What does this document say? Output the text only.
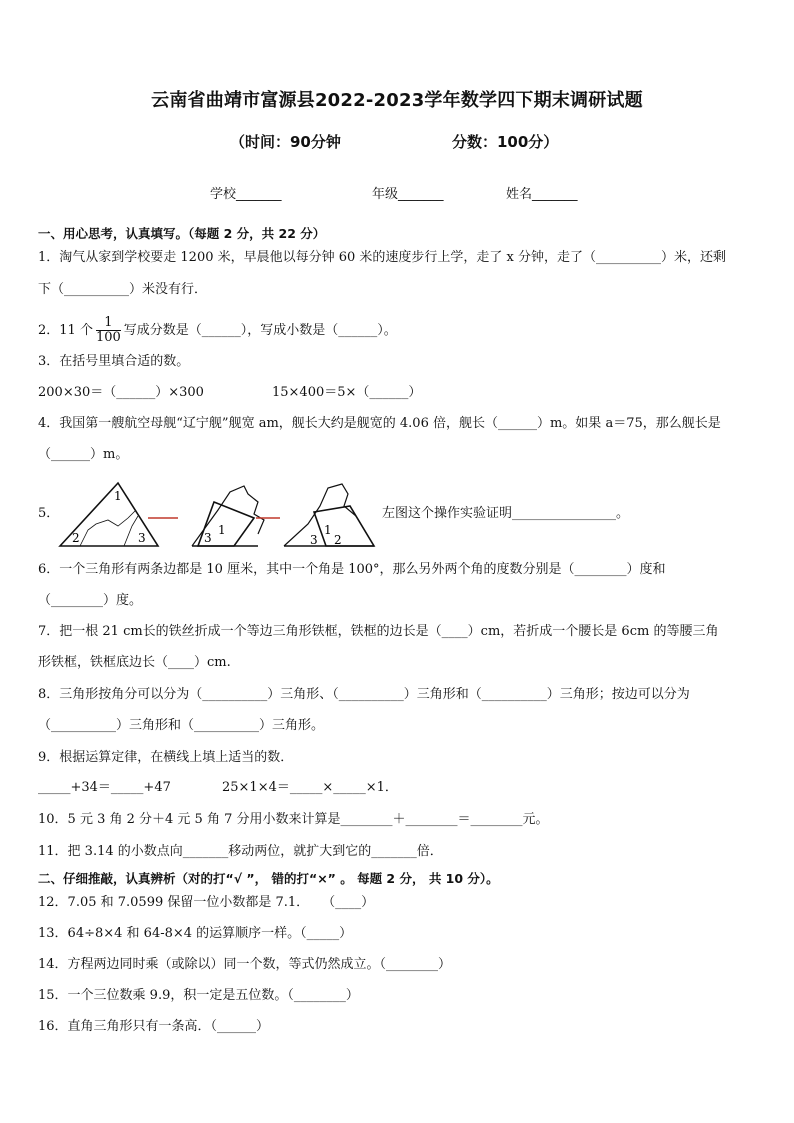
云南省曲靖市富源县2022-2023学年数学四下期末调研试题
（时间：90分钟	分数：100分）
学校_______	年级_______	姓名_______
一、用心思考，认真填写。（每题 2 分，共 22 分）
1．淘气从家到学校要走 1200 米，早晨他以每分钟 60 米的速度步行上学，走了 x 分钟，走了（__________）米，还剩
下（__________）米没有行．
2．11 个 $\frac{1}{100}$ 写成分数是（______），写成小数是（______）。
3．在括号里填合适的数。
200×30＝（______）×300	15×400＝5×（______）
4．我国第一艘航空母舰“辽宁舰”舰宽 am，舰长大约是舰宽的 4.06 倍，舰长（______）m。如果 a＝75，那么舰长是
（______）m。
5．
1
2	3	3
1
3
1
2
左图这个操作实验证明________________。
6．一个三角形有两条边都是 10 厘米，其中一个角是 100°，那么另外两个角的度数分别是（________）度和
（________）度。
7．把一根 21 cm长的铁丝折成一个等边三角形铁框，铁框的边长是（____）cm，若折成一个腰长是 6cm 的等腰三角
形铁框，铁框底边长（____）cm.
8．三角形按角分可以分为（__________）三角形、（__________）三角形和（__________）三角形；按边可以分为
（__________）三角形和（__________）三角形。
9．根据运算定律，在横线上填上适当的数．
_____+34＝_____+47	25×1×4＝_____×_____×1．
10．5 元 3 角 2 分＋4 元 5 角 7 分用小数来计算是________＋________＝________元。
11．把 3.14 的小数点向_______移动两位，就扩大到它的_______倍．
二、仔细推敲，认真辨析（对的打“√ ”， 错的打“×” 。 每题 2 分， 共 10 分）。
12．7.05 和 7.0599 保留一位小数都是 7.1．　　（____）
13．64÷8×4 和 64-8×4 的运算顺序一样。（_____）
14．方程两边同时乘（或除以）同一个数，等式仍然成立。（________）
15．一个三位数乘 9.9，积一定是五位数。（________）
16．直角三角形只有一条高．（______）
